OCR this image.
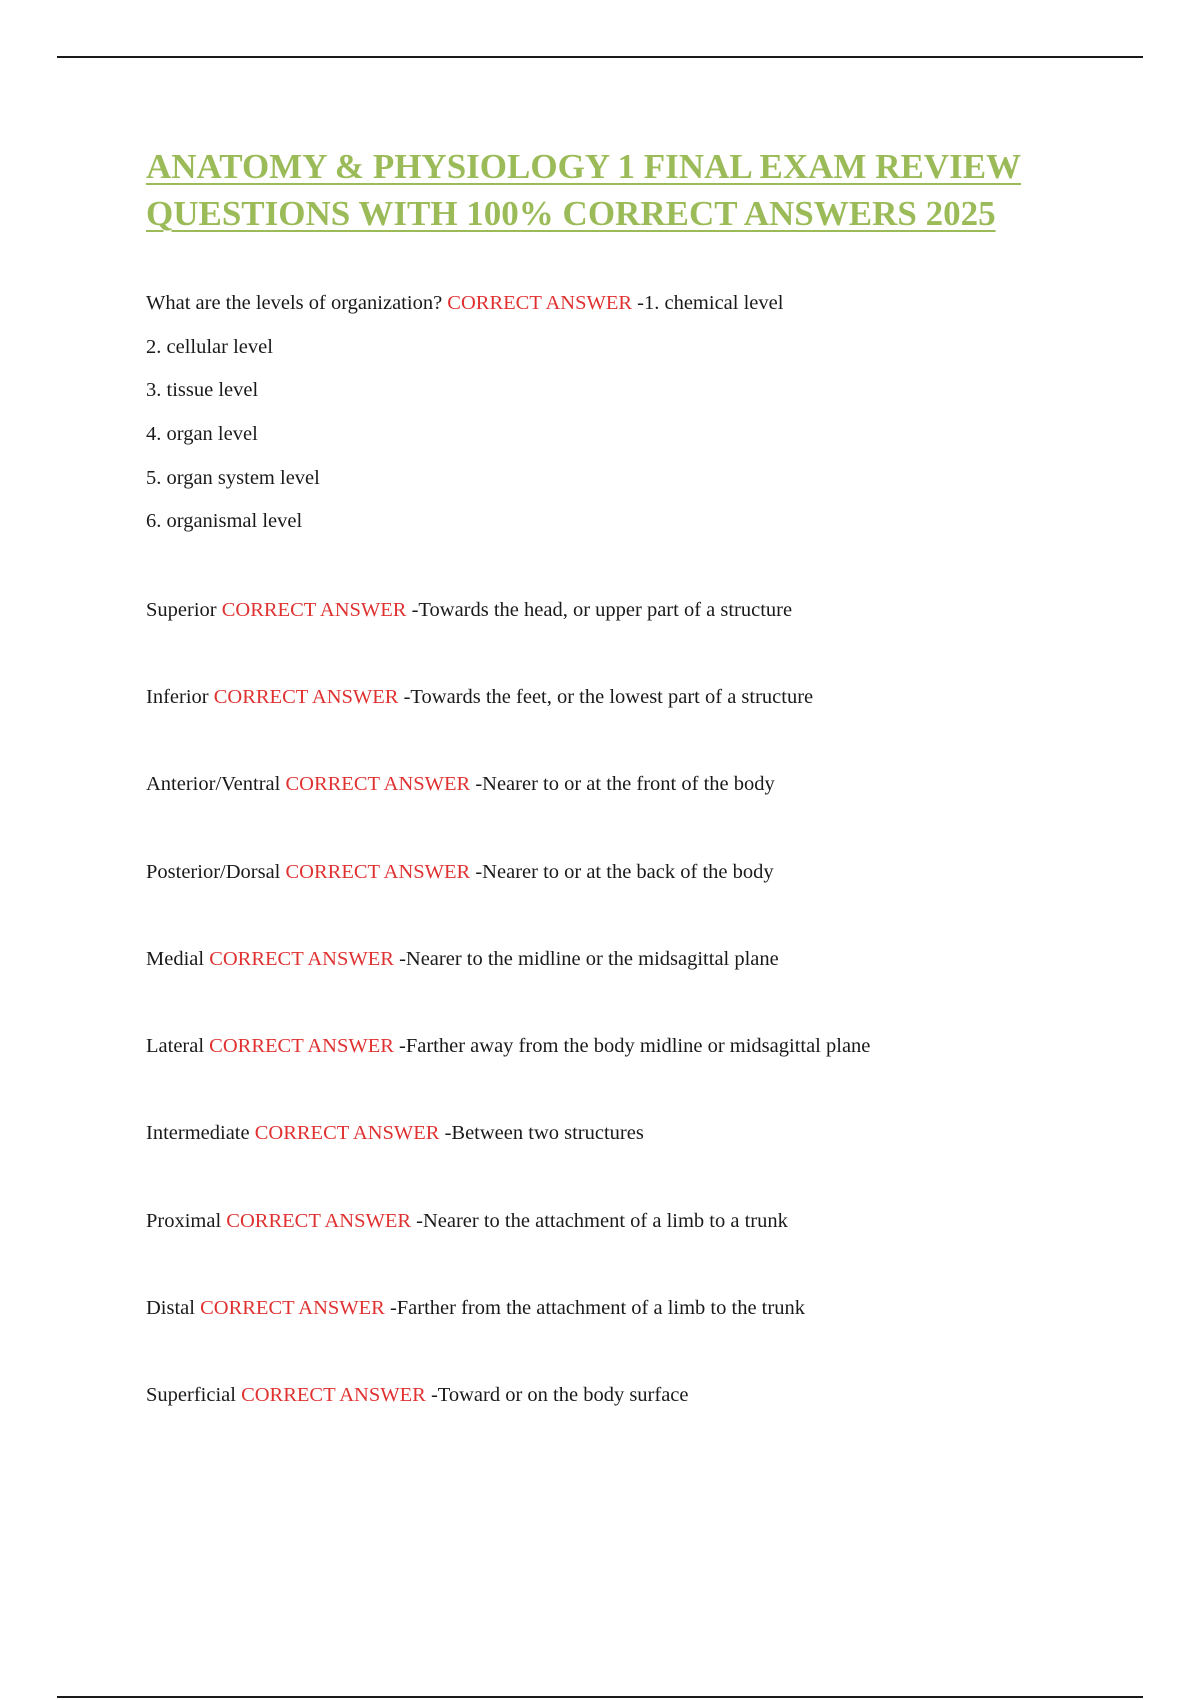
ANATOMY & PHYSIOLOGY 1 FINAL EXAM REVIEW
QUESTIONS WITH 100% CORRECT ANSWERS 2025
What are the levels of organization? CORRECT ANSWER -1. chemical level
2. cellular level
3. tissue level
4. organ level
5. organ system level
6. organismal level
Superior CORRECT ANSWER -Towards the head, or upper part of a structure
Inferior CORRECT ANSWER -Towards the feet, or the lowest part of a structure
Anterior/Ventral CORRECT ANSWER -Nearer to or at the front of the body
Posterior/Dorsal CORRECT ANSWER -Nearer to or at the back of the body
Medial CORRECT ANSWER -Nearer to the midline or the midsagittal plane
Lateral CORRECT ANSWER -Farther away from the body midline or midsagittal plane
Intermediate CORRECT ANSWER -Between two structures
Proximal CORRECT ANSWER -Nearer to the attachment of a limb to a trunk
Distal CORRECT ANSWER -Farther from the attachment of a limb to the trunk
Superficial CORRECT ANSWER -Toward or on the body surface
